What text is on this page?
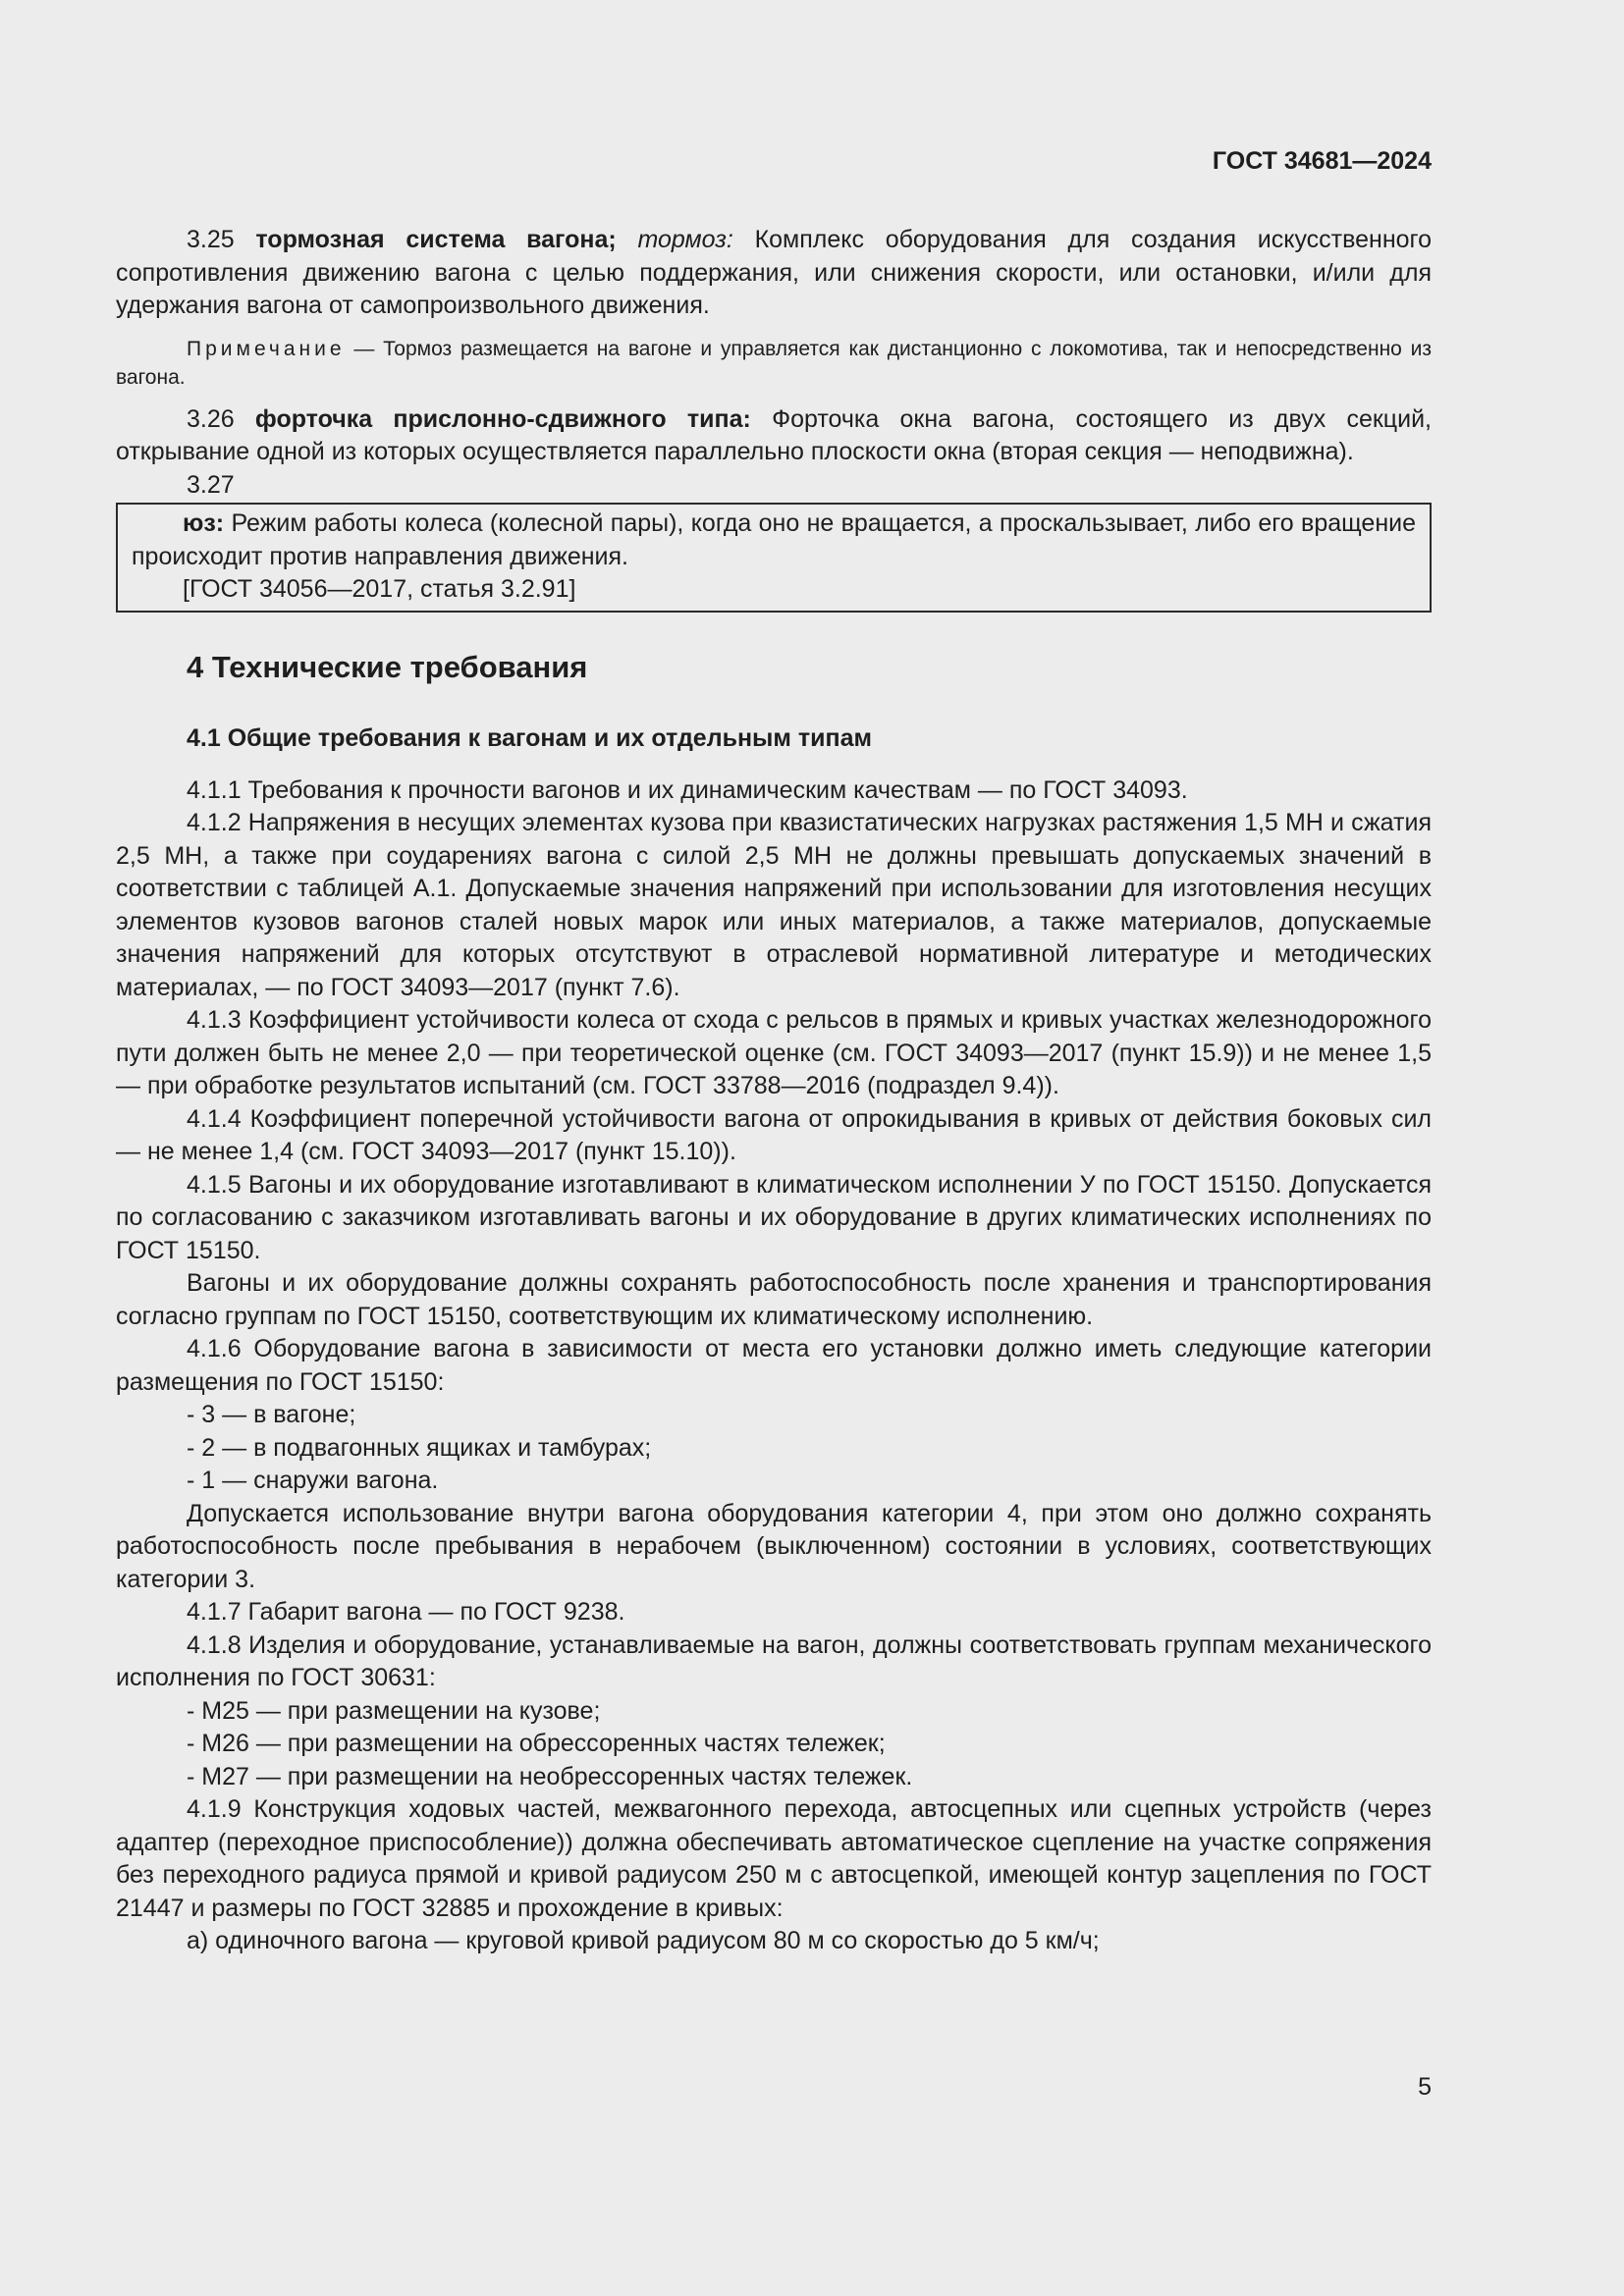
ГОСТ 34681—2024

3.25 тормозная система вагона; тормоз: Комплекс оборудования для создания искусственного сопротивления движению вагона с целью поддержания, или снижения скорости, или остановки, и/или для удержания вагона от самопроизвольного движения.

Примечание — Тормоз размещается на вагоне и управляется как дистанционно с локомотива, так и непосредственно из вагона.

3.26 форточка прислонно-сдвижного типа: Форточка окна вагона, состоящего из двух секций, открывание одной из которых осуществляется параллельно плоскости окна (вторая секция — неподвижна).

3.27

юз: Режим работы колеса (колесной пары), когда оно не вращается, а проскальзывает, либо его вращение происходит против направления движения.

[ГОСТ 34056—2017, статья 3.2.91]

4 Технические требования
4.1 Общие требования к вагонам и их отдельным типам

4.1.1 Требования к прочности вагонов и их динамическим качествам — по ГОСТ 34093.

4.1.2 Напряжения в несущих элементах кузова при квазистатических нагрузках растяжения 1,5 МН и сжатия 2,5 МН, а также при соударениях вагона с силой 2,5 МН не должны превышать допускаемых значений в соответствии с таблицей А.1. Допускаемые значения напряжений при использовании для изготовления несущих элементов кузовов вагонов сталей новых марок или иных материалов, а также материалов, допускаемые значения напряжений для которых отсутствуют в отраслевой нормативной литературе и методических материалах, — по ГОСТ 34093—2017 (пункт 7.6).

4.1.3 Коэффициент устойчивости колеса от схода с рельсов в прямых и кривых участках железнодорожного пути должен быть не менее 2,0 — при теоретической оценке (см. ГОСТ 34093—2017 (пункт 15.9)) и не менее 1,5 — при обработке результатов испытаний (см. ГОСТ 33788—2016 (подраздел 9.4)).

4.1.4 Коэффициент поперечной устойчивости вагона от опрокидывания в кривых от действия боковых сил — не менее 1,4 (см. ГОСТ 34093—2017 (пункт 15.10)).

4.1.5 Вагоны и их оборудование изготавливают в климатическом исполнении У по ГОСТ 15150. Допускается по согласованию с заказчиком изготавливать вагоны и их оборудование в других климатических исполнениях по ГОСТ 15150.

Вагоны и их оборудование должны сохранять работоспособность после хранения и транспортирования согласно группам по ГОСТ 15150, соответствующим их климатическому исполнению.

4.1.6 Оборудование вагона в зависимости от места его установки должно иметь следующие категории размещения по ГОСТ 15150:

- 3 — в вагоне;

- 2 — в подвагонных ящиках и тамбурах;

- 1 — снаружи вагона.

Допускается использование внутри вагона оборудования категории 4, при этом оно должно сохранять работоспособность после пребывания в нерабочем (выключенном) состоянии в условиях, соответствующих категории 3.

4.1.7 Габарит вагона — по ГОСТ 9238.

4.1.8 Изделия и оборудование, устанавливаемые на вагон, должны соответствовать группам механического исполнения по ГОСТ 30631:

- М25 — при размещении на кузове;

- М26 — при размещении на обрессоренных частях тележек;

- М27 — при размещении на необрессоренных частях тележек.

4.1.9 Конструкция ходовых частей, межвагонного перехода, автосцепных или сцепных устройств (через адаптер (переходное приспособление)) должна обеспечивать автоматическое сцепление на участке сопряжения без переходного радиуса прямой и кривой радиусом 250 м с автосцепкой, имеющей контур зацепления по ГОСТ 21447 и размеры по ГОСТ 32885 и прохождение в кривых:

а) одиночного вагона — круговой кривой радиусом 80 м со скоростью до 5 км/ч;

5
